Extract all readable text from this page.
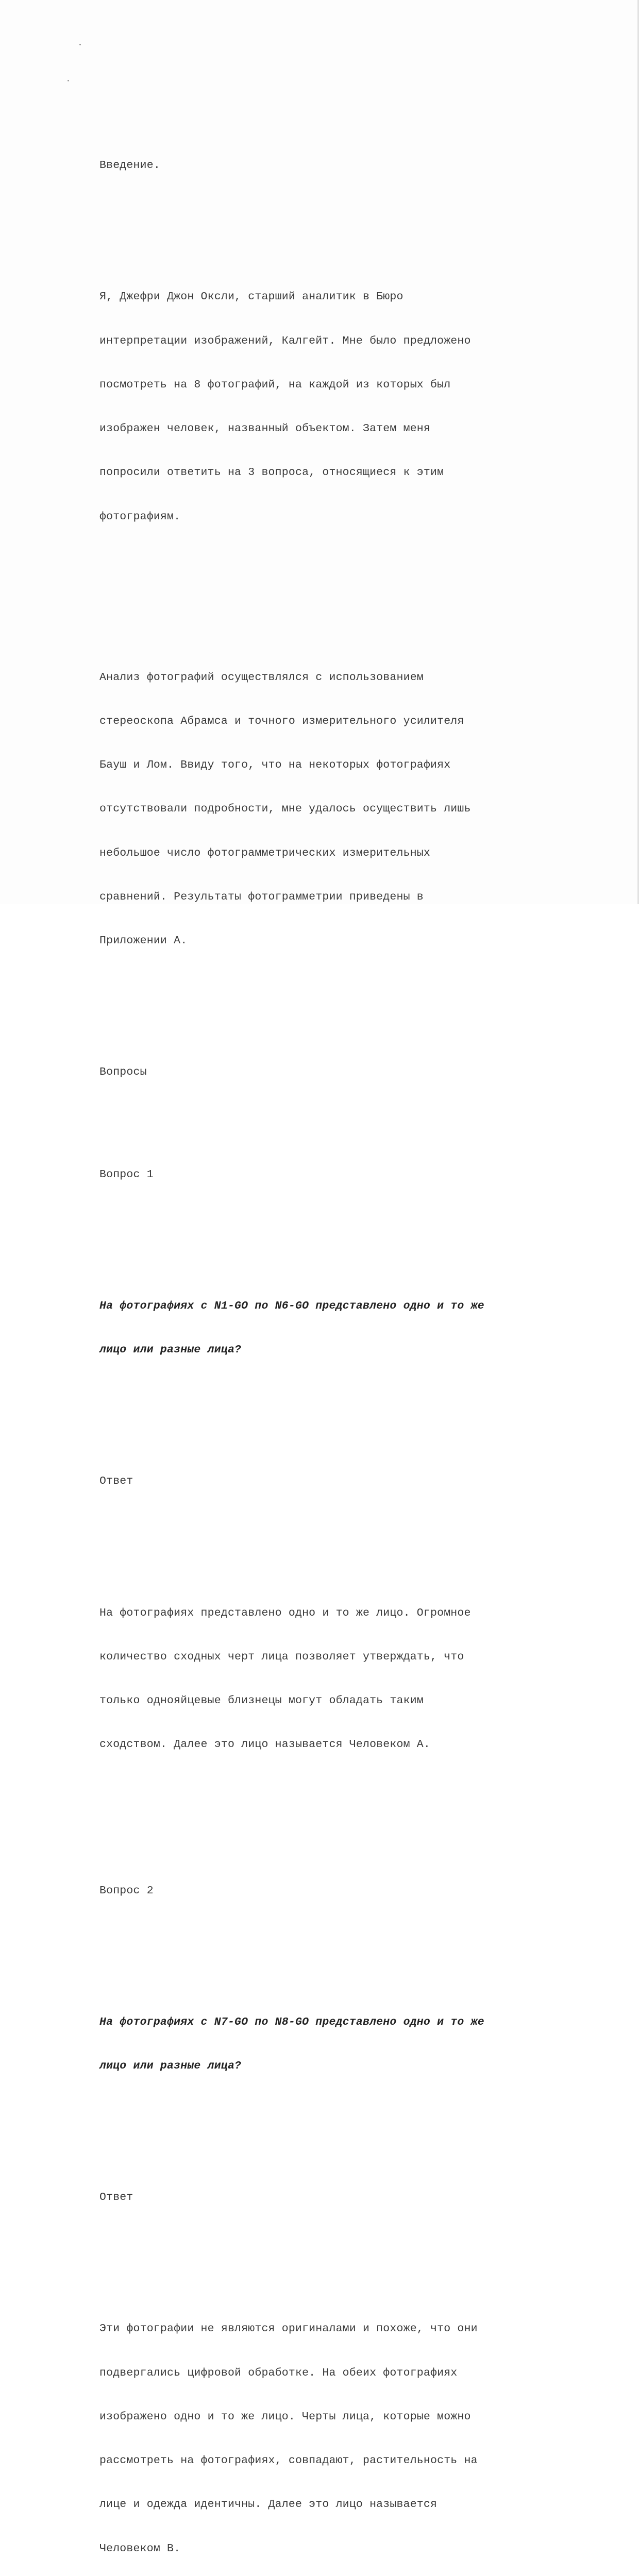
Введение.

Я, Джефри Джон Оксли, старший аналитик в Бюро

интерпретации изображений, Калгейт. Мне было предложено

посмотреть на 8 фотографий, на каждой из которых был

изображен человек, названный объектом. Затем меня

попросили ответить на 3 вопроса, относящиеся к этим

фотографиям.

Анализ фотографий осуществлялся с использованием

стереоскопа Абрамса и точного измерительного усилителя

Бауш и Лом. Ввиду того, что на некоторых фотографиях

отсутствовали подробности, мне удалось осуществить лишь

небольшое число фотограмметрических измерительных

сравнений. Результаты фотограмметрии приведены в

Приложении А.

Вопросы

Вопрос 1

На фотографиях с N1-GO по N6-GO представлено одно и то же

лицо или разные лица?

Ответ

На фотографиях представлено одно и то же лицо. Огромное

количество сходных черт лица позволяет утверждать, что

только однояйцевые близнецы могут обладать таким

сходством. Далее это лицо называется Человеком А.

Вопрос 2

На фотографиях с N7-GO по N8-GO представлено одно и то же

лицо или разные лица?

Ответ

Эти фотографии не являются оригиналами и похоже, что они

подвергались цифровой обработке. На обеих фотографиях

изображено одно и то же лицо. Черты лица, которые можно

рассмотреть на фотографиях, совпадают, растительность на

лице и одежда идентичны. Далее это лицо называется

Человеком В.
